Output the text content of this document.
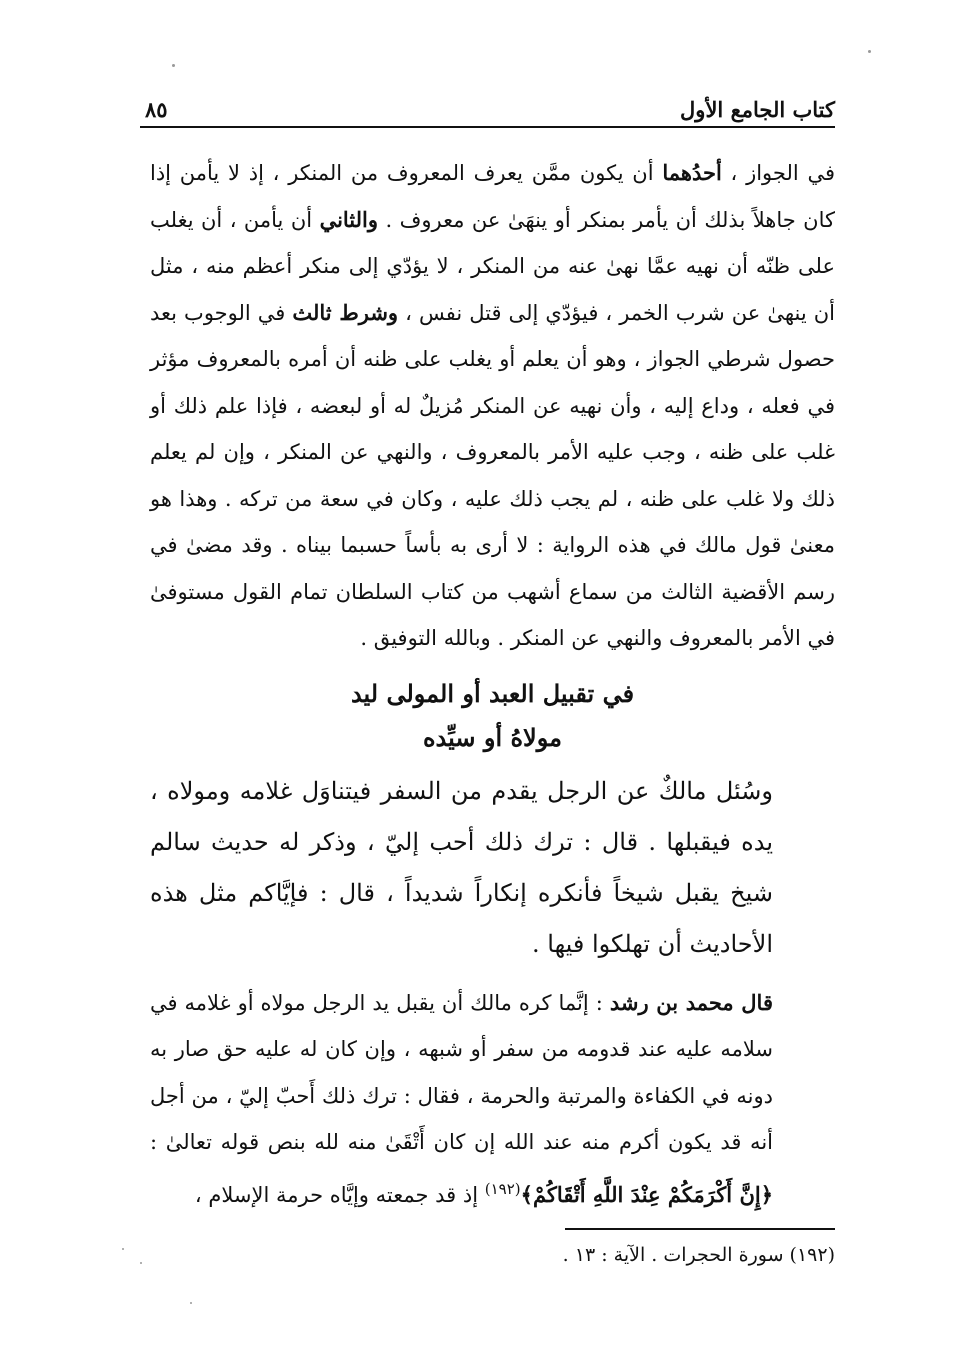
كتاب الجامع الأول
٨٥

في الجواز ، أحدُهما أن يكون ممَّن يعرف المعروف من المنكر ، إذ لا يأمن إذا كان جاهلاً بذلك أن يأمر بمنكر أو ينهَىٰ عن معروف . والثاني أن يأمن ، أن يغلب على ظنّه أن نهيه عمَّا نهىٰ عنه من المنكر ، لا يؤدّي إلى منكر أعظم منه ، مثل أن ينهىٰ عن شرب الخمر ، فيؤدّي إلى قتل نفس ، وشرط ثالث في الوجوب بعد حصول شرطي الجواز ، وهو أن يعلم أو يغلب على ظنه أن أمره بالمعروف مؤثر في فعله ، وداع إليه ، وأن نهيه عن المنكر مُزيلٌ له أو لبعضه ، فإذا علم ذلك أو غلب على ظنه ، وجب عليه الأمر بالمعروف ، والنهي عن المنكر ، وإن لم يعلم ذلك ولا غلب على ظنه ، لم يجب ذلك عليه ، وكان في سعة من تركه . وهذا هو معنىٰ قول مالك في هذه الرواية : لا أرى به بأساً حسبما بيناه . وقد مضىٰ في رسم الأقضية الثالث من سماع أشهب من كتاب السلطان تمام القول مستوفىٰ في الأمر بالمعروف والنهي عن المنكر . وبالله التوفيق .

في تقبيل العبد أو المولى ليد

مولاهُ أو سيِّده

وسُئل مالكٌ عن الرجل يقدم من السفر فيتناوَل غلامه ومولاه ، يده فيقبلها . قال : ترك ذلك أحب إليّ ، وذكر له حديث سالم شيخ يقبل شيخاً فأنكره إنكاراً شديداً ، قال : فإيَّاكم مثل هذه الأحاديث أن تهلكوا فيها .

قال محمد بن رشد : إنَّما كره مالك أن يقبل يد الرجل مولاه أو غلامه في سلامه عليه عند قدومه من سفر أو شبهه ، وإن كان له عليه حق صار به دونه في الكفاءة والمرتبة والحرمة ، فقال : ترك ذلك أَحبّ إليّ ، من أجل أنه قد يكون أكرم منه عند الله إن كان أَتْقَىٰ منه لله بنص قوله تعالىٰ : ﴿إِنَّ أَكْرَمَكُمْ عِنْدَ اللَّهِ أَتْقَاكُمْ﴾$^{(١٩٢)}$ إذ قد جمعته وإيَّاه حرمة الإسلام ،

(١٩٢) سورة الحجرات . الآية : ١٣ .
